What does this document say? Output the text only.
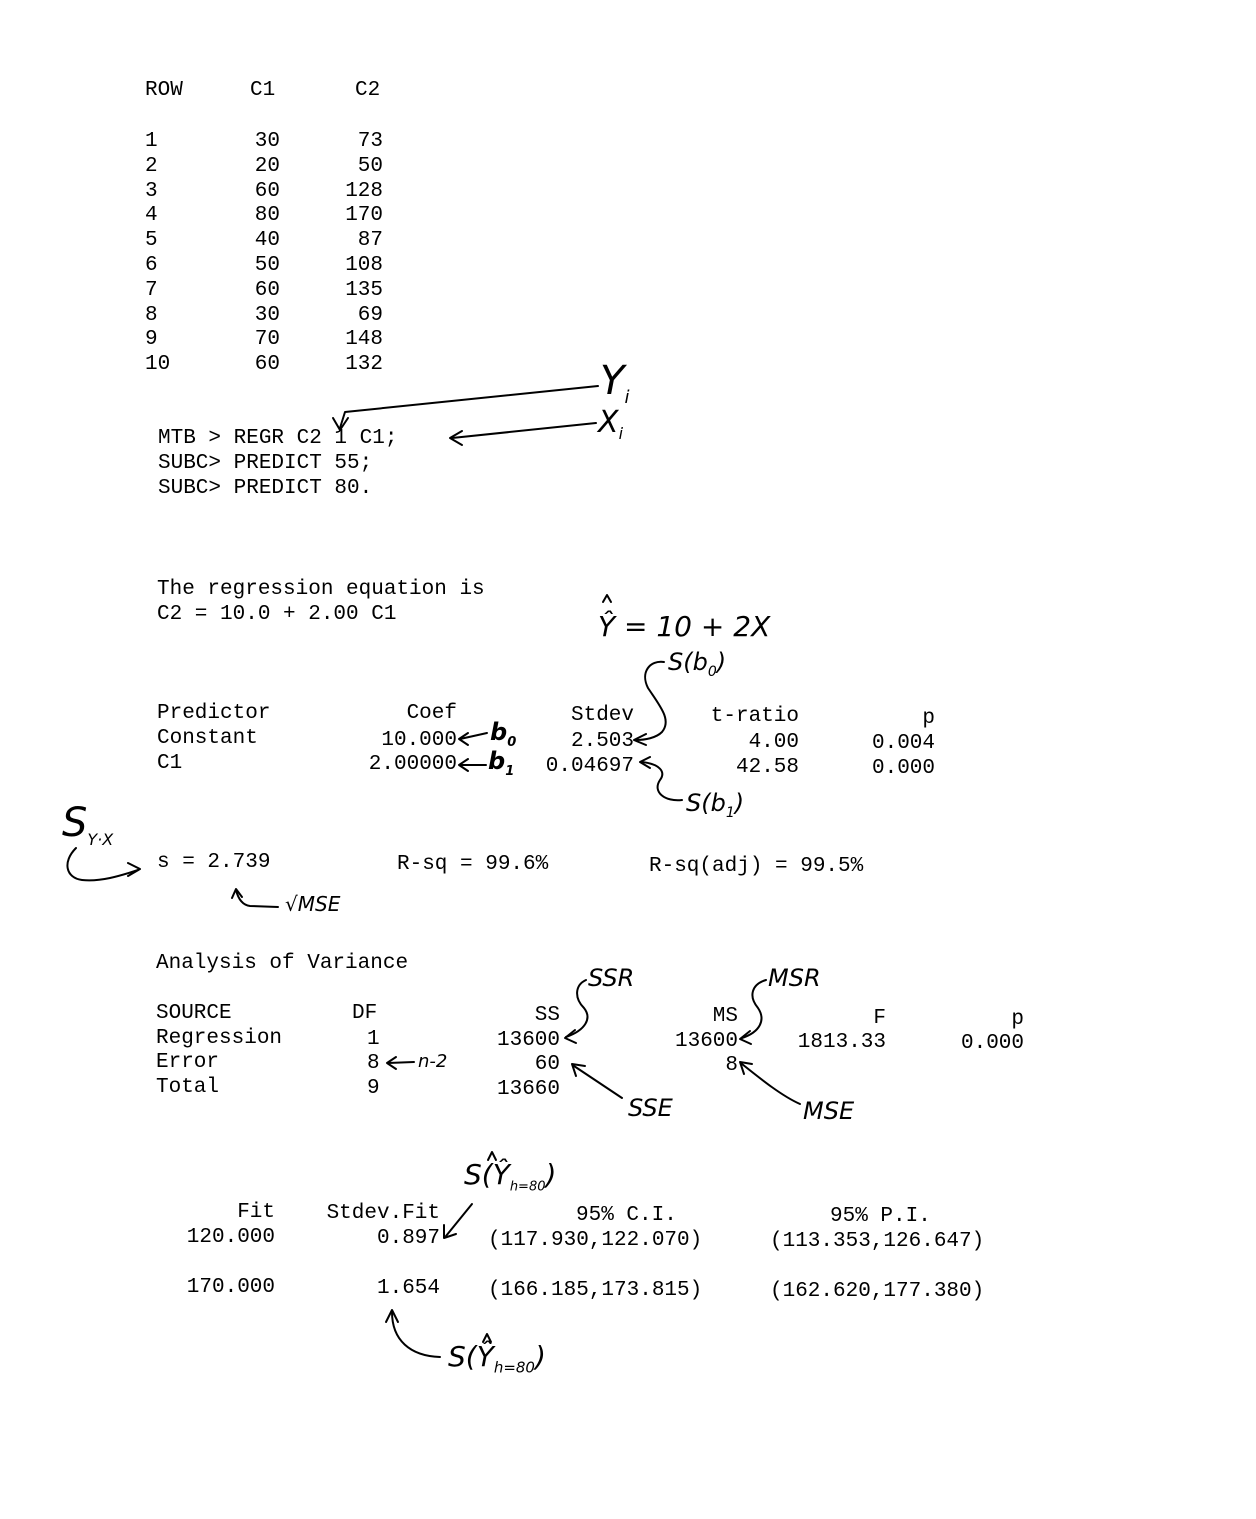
ROW	C1	C2
1	30	73
2	20	50
3	60	128
4	80	170
5	40	87
6	50	108
7	60	135
8	30	69
9	70	148
10	60	132
MTB > REGR C2 1 C1;
SUBC> PREDICT 55;
SUBC> PREDICT 80.
The regression equation is
C2 = 10.0 + 2.00 C1
Predictor	Coef	Stdev	t-ratio	p
Constant	10.000	2.503	4.00	0.004
C1	2.00000	0.04697	42.58	0.000
s = 2.739	R-sq = 99.6%	R-sq(adj) = 99.5%
Analysis of Variance
SOURCE	DF	SS	MS	F	p
Regression	1	13600	13600	1813.33	0.000
Error	8	60	8
Total	9	13660
Fit	Stdev.Fit	95% C.I.	95% P.I.
120.000	0.897 (117.930,122.070)	(113.353,126.647)
170.000	1.654 (166.185,173.815)	(162.620,177.380)
$Y_i$
$X_i$
Ŷ = 10 + 2X
$S(b_0)$
$S(b_1)$
$b_0$
$b_1$
$S_{Y\cdot X}$
√MSE
SSR	MSR
SSE	MSE
n-2
$S(Ŷ_{h=80})$
$S(Ŷ_{h=80})$
